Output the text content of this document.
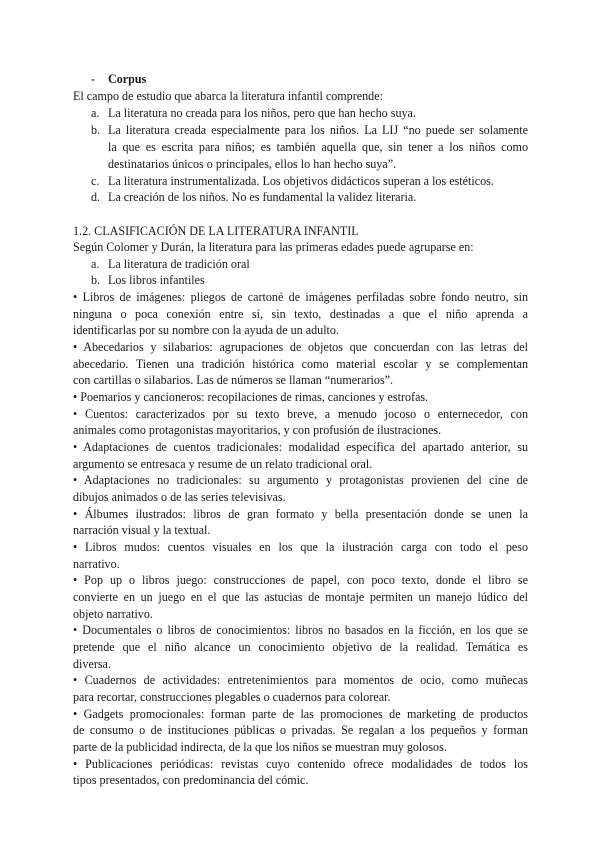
- Corpus
El campo de estudio que abarca la literatura infantil comprende:
a. La literatura no creada para los niños, pero que han hecho suya.
b. La literatura creada especialmente para los niños. La LIJ “no puede ser solamente
la que es escrita para niños; es también aquella que, sin tener a los niños como
destinatarios únicos o principales, ellos lo han hecho suya”.
c. La literatura instrumentalizada. Los objetivos didácticos superan a los estéticos.
d. La creación de los niños. No es fundamental la validez literaria.
1.2. CLASIFICACIÓN DE LA LITERATURA INFANTIL
Según Colomer y Durán, la literatura para las primeras edades puede agruparse en:
a. La literatura de tradición oral
b. Los libros infantiles
• Libros de imágenes: pliegos de cartoné de imágenes perfiladas sobre fondo neutro, sin
ninguna o poca conexión entre sí, sin texto, destinadas a que el niño aprenda a
identificarlas por su nombre con la ayuda de un adulto.
• Abecedarios y silabarios: agrupaciones de objetos que concuerdan con las letras del
abecedario. Tienen una tradición histórica como material escolar y se complementan
con cartillas o silabarios. Las de números se llaman “numerarios”.
• Poemarios y cancioneros: recopilaciones de rimas, canciones y estrofas.
• Cuentos: caracterizados por su texto breve, a menudo jocoso o enternecedor, con
animales como protagonistas mayoritarios, y con profusión de ilustraciones.
• Adaptaciones de cuentos tradicionales: modalidad específica del apartado anterior, su
argumento se entresaca y resume de un relato tradicional oral.
• Adaptaciones no tradicionales: su argumento y protagonistas provienen del cine de
dibujos animados o de las series televisivas.
• Álbumes ilustrados: libros de gran formato y bella presentación donde se unen la
narración visual y la textual.
• Libros mudos: cuentos visuales en los que la ilustración carga con todo el peso
narrativo.
• Pop up o libros juego: construcciones de papel, con poco texto, donde el libro se
convierte en un juego en el que las astucias de montaje permiten un manejo lúdico del
objeto narrativo.
• Documentales o libros de conocimientos: libros no basados en la ficción, en los que se
pretende que el niño alcance un conocimiento objetivo de la realidad. Temática es
diversa.
• Cuadernos de actividades: entretenimientos para momentos de ocio, como muñecas
para recortar, construcciones plegables o cuadernos para colorear.
• Gadgets promocionales: forman parte de las promociones de marketing de productos
de consumo o de instituciones públicas o privadas. Se regalan a los pequeños y forman
parte de la publicidad indirecta, de la que los niños se muestran muy golosos.
• Publicaciones periódicas: revistas cuyo contenido ofrece modalidades de todos los
tipos presentados, con predominancia del cómic.
